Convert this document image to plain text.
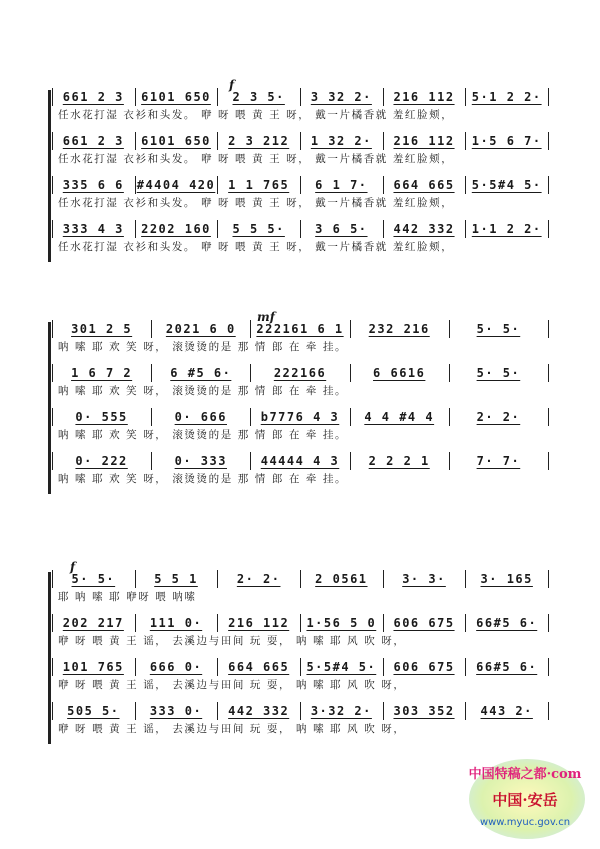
f
661 2 3	6101 650	2 3 5·	3 32 2·	216 112	5·1 2 2·
任水花打湿 衣衫和头发。 咿 呀 喂 黄 王 呀， 戴一片橘香就 羞红脸颊，
661 2 3	6101 650	2 3 212	1 32 2·	216 112	1·5 6 7·
任水花打湿 衣衫和头发。 咿 呀 喂 黄 王 呀， 戴一片橘香就 羞红脸颊，
335 6 6	#4404 420	1 1 765	6 1 7·	664 665	5·5#4 5·
任水花打湿 衣衫和头发。 咿 呀 喂 黄 王 呀， 戴一片橘香就 羞红脸颊，
333 4 3	2202 160	5 5 5·	3 6 5·	442 332	1·1 2 2·
任水花打湿 衣衫和头发。 咿 呀 喂 黄 王 呀， 戴一片橘香就 羞红脸颊，
mf
301 2 5	2021 6 0	222161 6 1	232 216	5· 5·
呐 嗦 耶 欢 笑 呀， 滚烫烫的是 那 情 郎 在 牵 挂。
1 6 7 2	6 #5 6·	222166	6 6616	5· 5·
呐 嗦 耶 欢 笑 呀， 滚烫烫的是 那 情 郎 在 牵 挂。
0· 555	0· 666	b7776 4 3	4 4 #4 4	2· 2·
呐 嗦 耶 欢 笑 呀， 滚烫烫的是 那 情 郎 在 牵 挂。
0· 222	0· 333	44444 4 3	2 2 2 1	7· 7·
呐 嗦 耶 欢 笑 呀， 滚烫烫的是 那 情 郎 在 牵 挂。
f
5· 5·	5 5 1	2· 2·	2 0561	3· 3·	3· 165
耶 呐 嗦 耶 咿呀 喂 呐嗦
202 217	111 0·	216 112	1·56 5 0	606 675	66#5 6·
咿 呀 喂 黄 王 谣， 去溪边与田间 玩 耍， 呐 嗦 耶 风 吹 呀，
101 765	666 0·	664 665	5·5#4 5·	606 675	66#5 6·
咿 呀 喂 黄 王 谣， 去溪边与田间 玩 耍， 呐 嗦 耶 风 吹 呀，
505 5·	333 0·	442 332	3·32 2·	303 352	443 2·
咿 呀 喂 黄 王 谣， 去溪边与田间 玩 耍， 呐 嗦 耶 风 吹 呀，
中国特稿之都·com
中国·安岳
www.myuc.gov.cn
